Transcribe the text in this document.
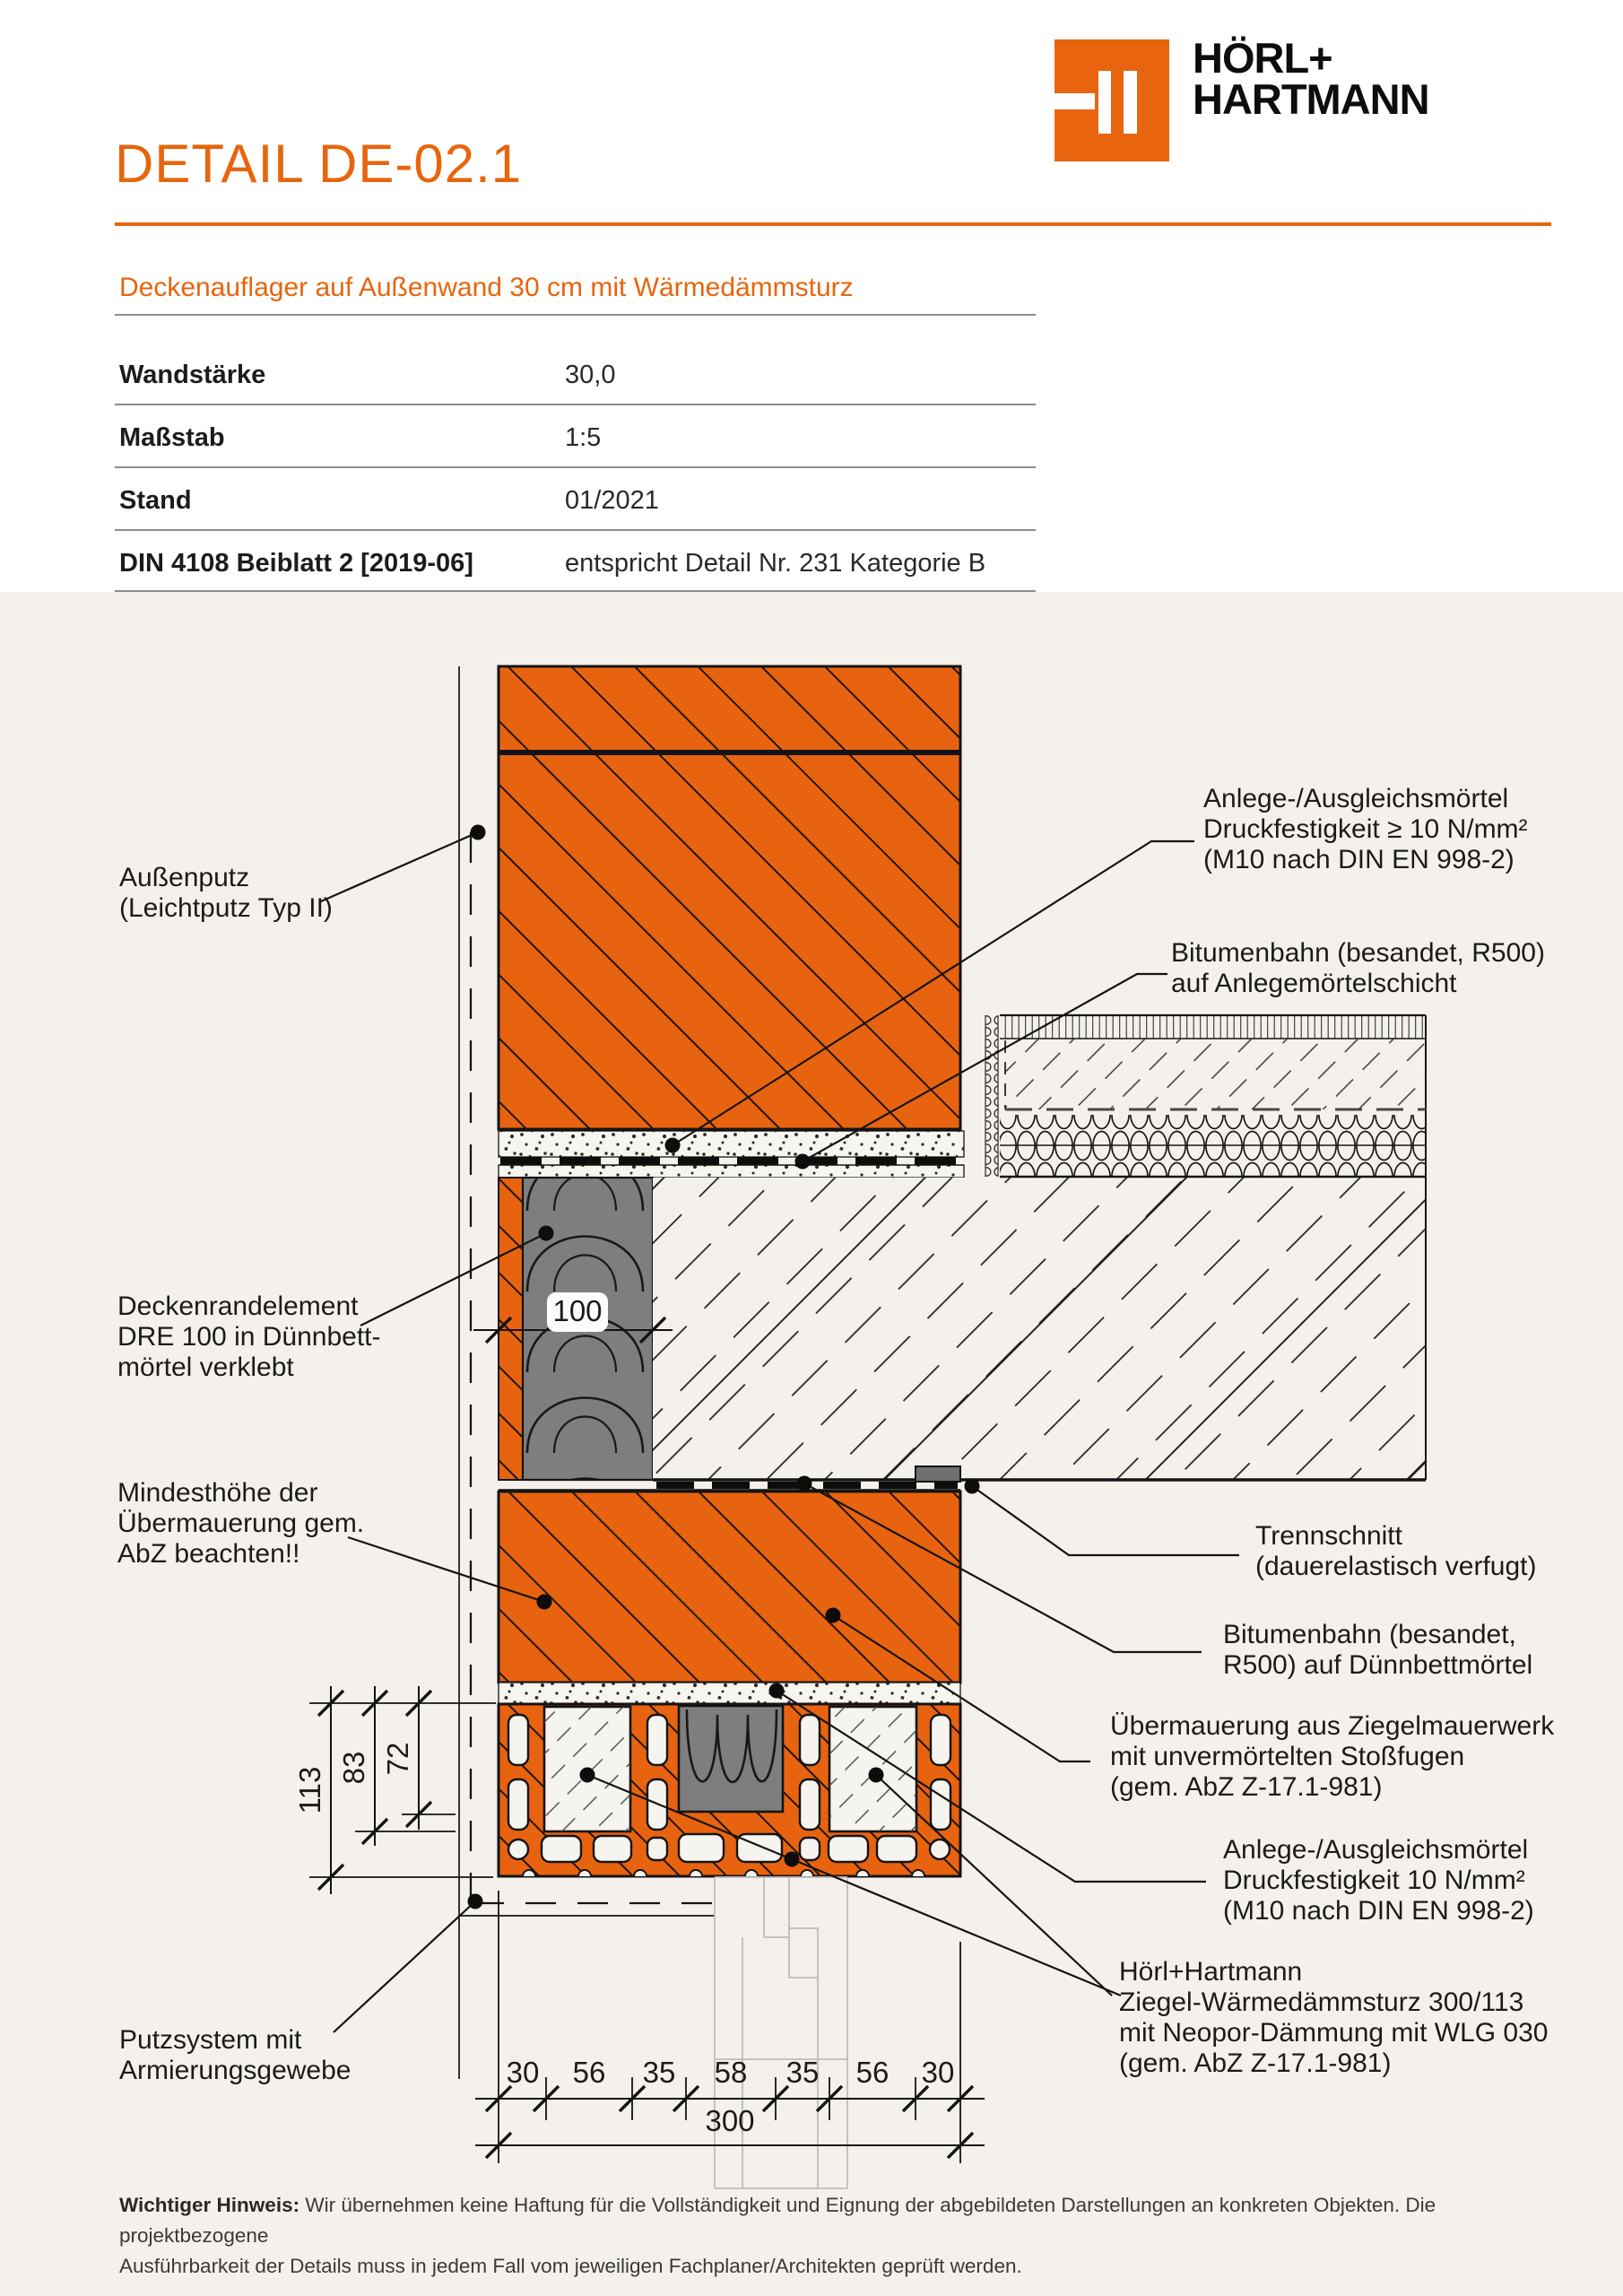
DETAIL DE-02.1
HÖRL+
HARTMANN
Deckenauflager auf Außenwand 30 cm mit Wärmedämmsturz
Wandstärke	30,0
Maßstab	1:5
Stand	01/2021
DIN 4108 Beiblatt 2 [2019-06]	entspricht Detail Nr. 231 Kategorie B
100
113 83 72
30 56 35 58 35 56 30
300
Außenputz
(Leichtputz Typ II)
Deckenrandelement
DRE 100 in Dünnbett-
mörtel verklebt
Mindesthöhe der
Übermauerung gem.
AbZ beachten!!
Putzsystem mit
Armierungsgewebe
Anlege-/Ausgleichsmörtel
Druckfestigkeit ≥ 10 N/mm²
(M10 nach DIN EN 998-2)
Bitumenbahn (besandet, R500)
auf Anlegemörtelschicht
Trennschnitt
(dauerelastisch verfugt)
Bitumenbahn (besandet,
R500) auf Dünnbettmörtel
Übermauerung aus Ziegelmauerwerk
mit unvermörtelten Stoßfugen
(gem. AbZ Z-17.1-981)
Anlege-/Ausgleichsmörtel
Druckfestigkeit 10 N/mm²
(M10 nach DIN EN 998-2)
Hörl+Hartmann
Ziegel-Wärmedämmsturz 300/113
mit Neopor-Dämmung mit WLG 030
(gem. AbZ Z-17.1-981)
Wichtiger Hinweis: Wir übernehmen keine Haftung für die Vollständigkeit und Eignung der abgebildeten Darstellungen an konkreten Objekten. Die projektbezogene
Ausführbarkeit der Details muss in jedem Fall vom jeweiligen Fachplaner/Architekten geprüft werden.
